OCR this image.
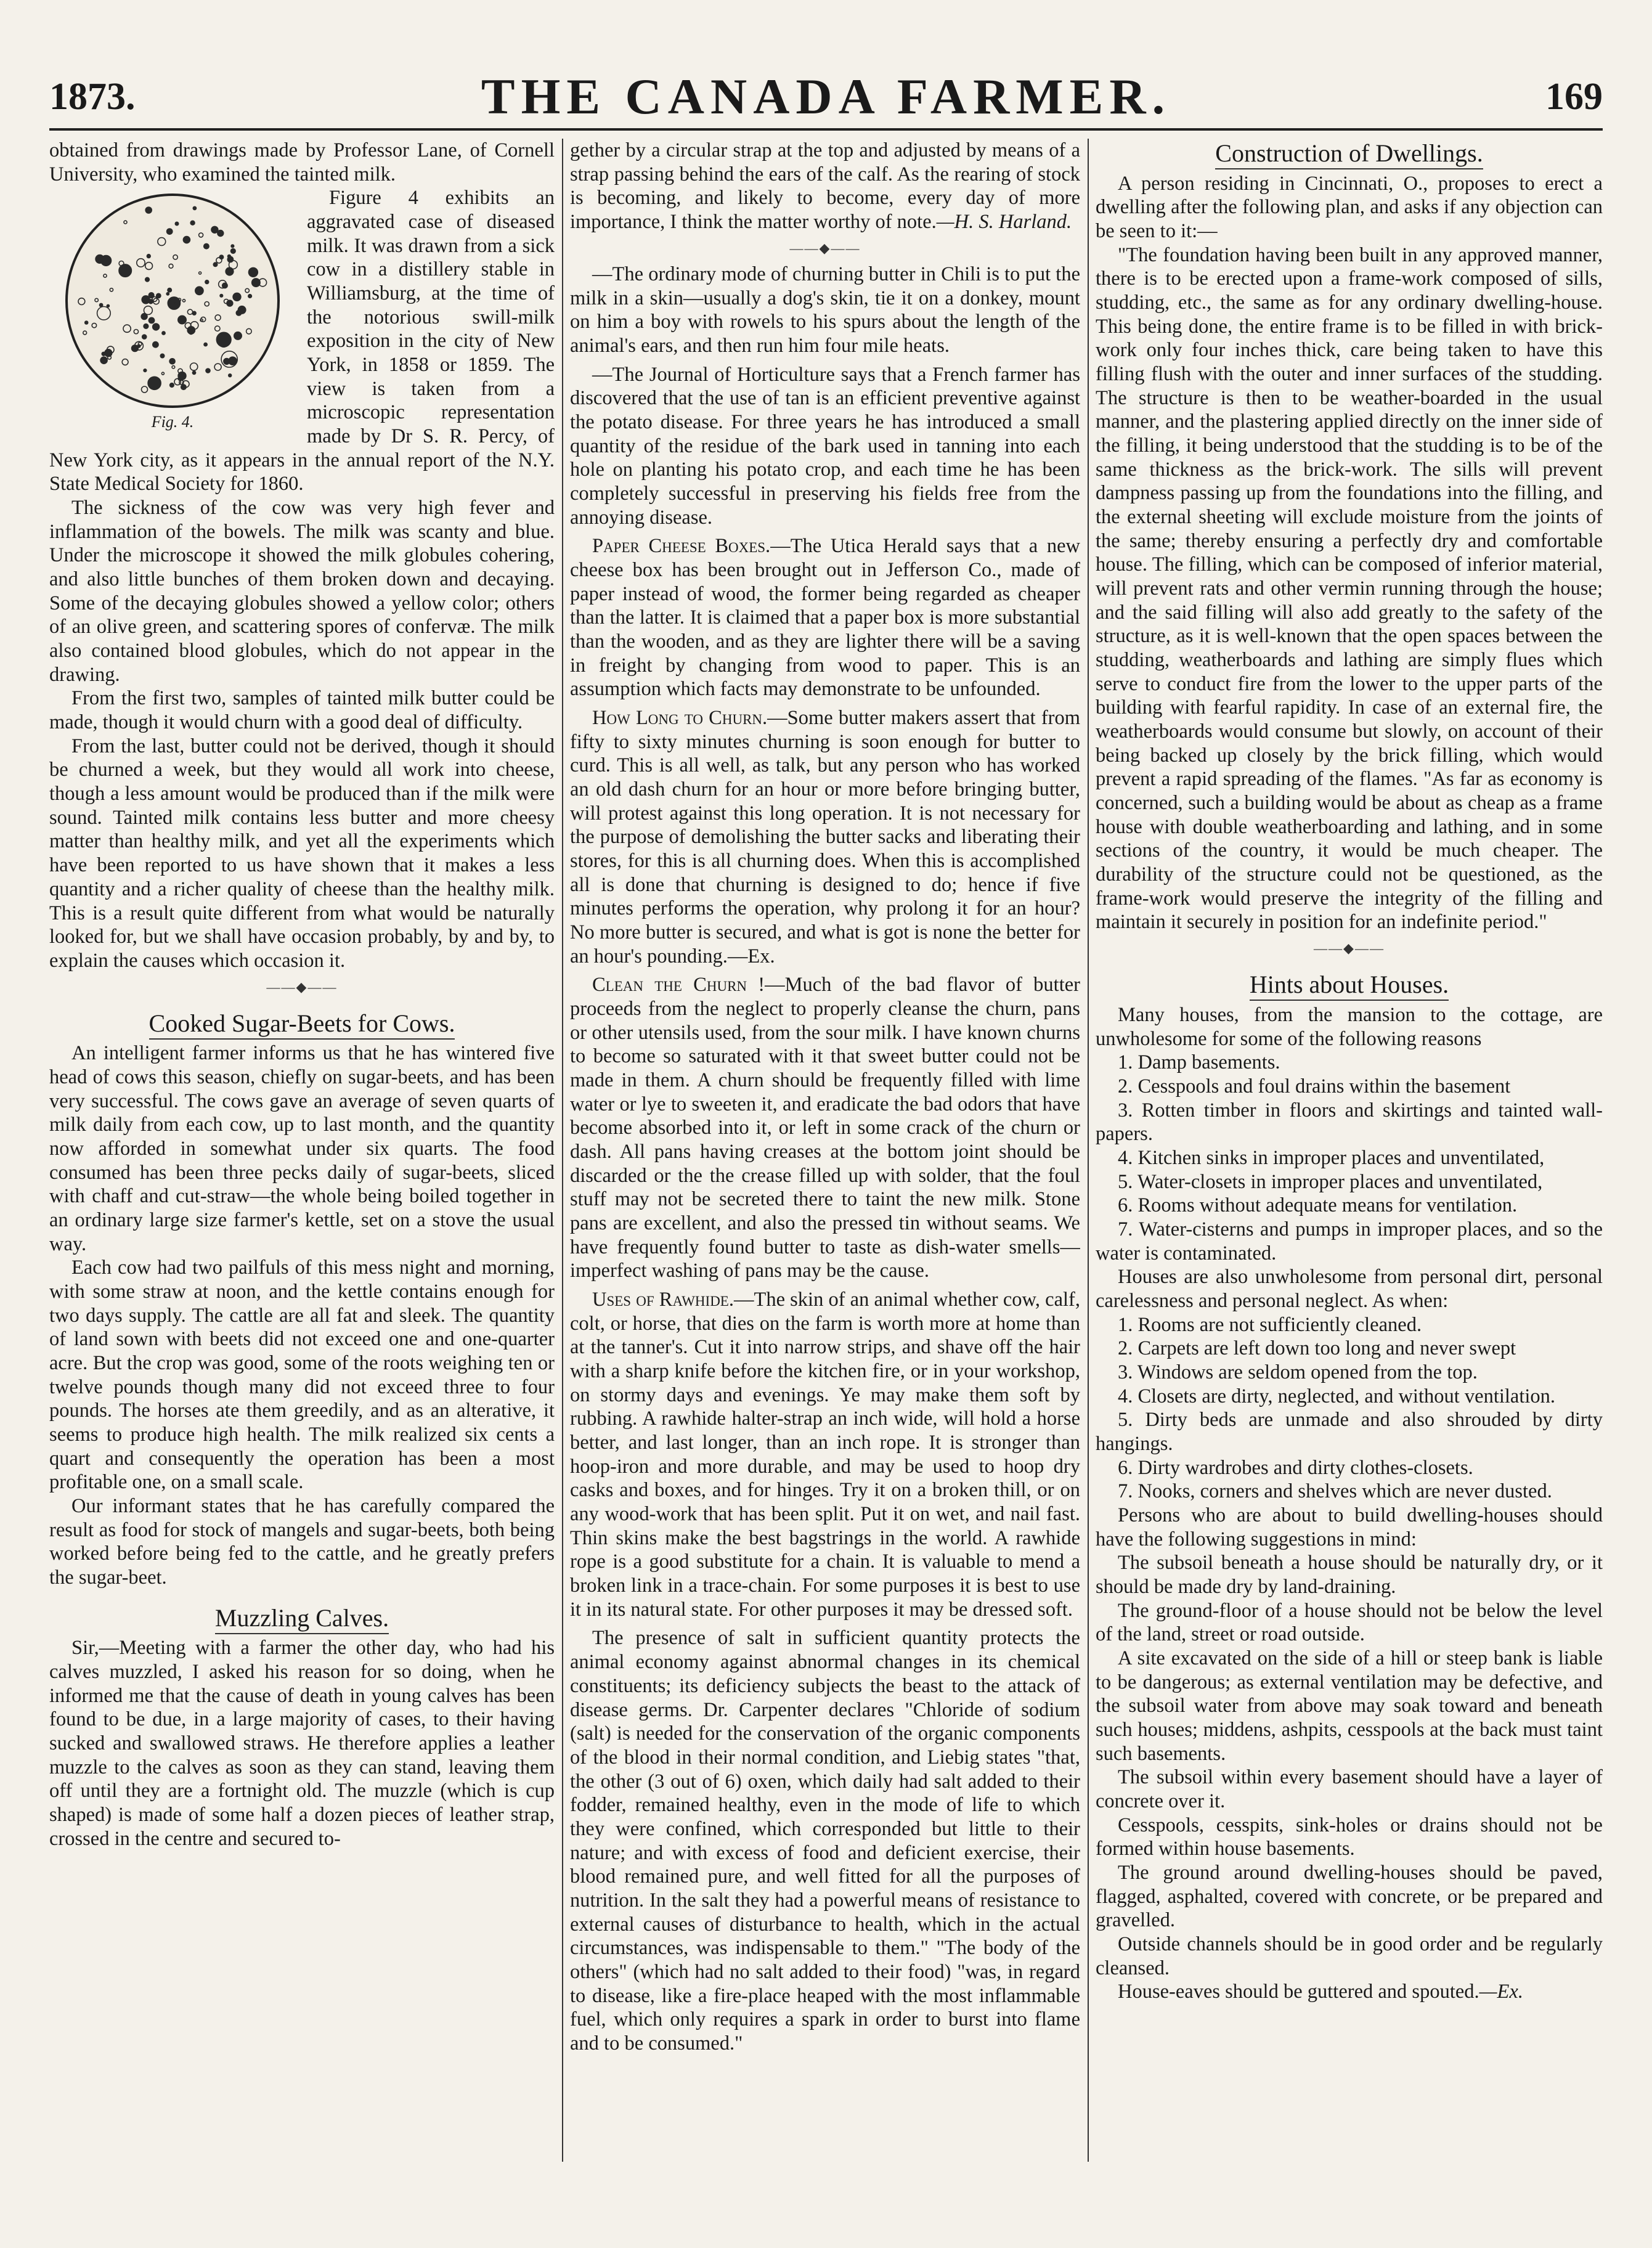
1873.	THE CANADA FARMER.	169

obtained from drawings made by Professor Lane, of Cornell University, who examined the tainted milk.

Fig. 4.

Figure 4 exhibits an aggravated case of diseased milk. It was drawn from a sick cow in a distillery stable in Williamsburg, at the time of the notorious swill-milk exposition in the city of New York, in 1858 or 1859. The view is taken from a microscopic representation made by Dr S. R. Percy, of New York city, as it appears in the annual report of the N.Y. State Medical Society for 1860.

The sickness of the cow was very high fever and inflammation of the bowels. The milk was scanty and blue. Under the microscope it showed the milk globules cohering, and also little bunches of them broken down and decaying. Some of the decaying globules showed a yellow color; others of an olive green, and scattering spores of confervæ. The milk also contained blood globules, which do not appear in the drawing.

From the first two, samples of tainted milk butter could be made, though it would churn with a good deal of difficulty.

From the last, butter could not be derived, though it should be churned a week, but they would all work into cheese, though a less amount would be produced than if the milk were sound. Tainted milk contains less butter and more cheesy matter than healthy milk, and yet all the experiments which have been reported to us have shown that it makes a less quantity and a richer quality of cheese than the healthy milk. This is a result quite different from what would be naturally looked for, but we shall have occasion probably, by and by, to explain the causes which occasion it.

——◆——
Cooked Sugar-Beets for Cows.

An intelligent farmer informs us that he has wintered five head of cows this season, chiefly on sugar-beets, and has been very successful. The cows gave an average of seven quarts of milk daily from each cow, up to last month, and the quantity now afforded in somewhat under six quarts. The food consumed has been three pecks daily of sugar-beets, sliced with chaff and cut-straw—the whole being boiled together in an ordinary large size farmer's kettle, set on a stove the usual way.

Each cow had two pailfuls of this mess night and morning, with some straw at noon, and the kettle contains enough for two days supply. The cattle are all fat and sleek. The quantity of land sown with beets did not exceed one and one-quarter acre. But the crop was good, some of the roots weighing ten or twelve pounds though many did not exceed three to four pounds. The horses ate them greedily, and as an alterative, it seems to produce high health. The milk realized six cents a quart and consequently the operation has been a most profitable one, on a small scale.

Our informant states that he has carefully compared the result as food for stock of mangels and sugar-beets, both being worked before being fed to the cattle, and he greatly prefers the sugar-beet.

Muzzling Calves.

Sir,—Meeting with a farmer the other day, who had his calves muzzled, I asked his reason for so doing, when he informed me that the cause of death in young calves has been found to be due, in a large majority of cases, to their having sucked and swallowed straws. He therefore applies a leather muzzle to the calves as soon as they can stand, leaving them off until they are a fortnight old. The muzzle (which is cup shaped) is made of some half a dozen pieces of leather strap, crossed in the centre and secured to-

gether by a circular strap at the top and adjusted by means of a strap passing behind the ears of the calf. As the rearing of stock is becoming, and likely to become, every day of more importance, I think the matter worthy of note.—H. S. Harland.

——◆——

—The ordinary mode of churning butter in Chili is to put the milk in a skin—usually a dog's skin, tie it on a donkey, mount on him a boy with rowels to his spurs about the length of the animal's ears, and then run him four mile heats.

—The Journal of Horticulture says that a French farmer has discovered that the use of tan is an efficient preventive against the potato disease. For three years he has introduced a small quantity of the residue of the bark used in tanning into each hole on planting his potato crop, and each time he has been completely successful in preserving his fields free from the annoying disease.

Paper Cheese Boxes.—The Utica Herald says that a new cheese box has been brought out in Jefferson Co., made of paper instead of wood, the former being regarded as cheaper than the latter. It is claimed that a paper box is more substantial than the wooden, and as they are lighter there will be a saving in freight by changing from wood to paper. This is an assumption which facts may demonstrate to be unfounded.

How Long to Churn.—Some butter makers assert that from fifty to sixty minutes churning is soon enough for butter to curd. This is all well, as talk, but any person who has worked an old dash churn for an hour or more before bringing butter, will protest against this long operation. It is not necessary for the purpose of demolishing the butter sacks and liberating their stores, for this is all churning does. When this is accomplished all is done that churning is designed to do; hence if five minutes performs the operation, why prolong it for an hour? No more butter is secured, and what is got is none the better for an hour's pounding.—Ex.

Clean the Churn !—Much of the bad flavor of butter proceeds from the neglect to properly cleanse the churn, pans or other utensils used, from the sour milk. I have known churns to become so saturated with it that sweet butter could not be made in them. A churn should be frequently filled with lime water or lye to sweeten it, and eradicate the bad odors that have become absorbed into it, or left in some crack of the churn or dash. All pans having creases at the bottom joint should be discarded or the the crease filled up with solder, that the foul stuff may not be secreted there to taint the new milk. Stone pans are excellent, and also the pressed tin without seams. We have frequently found butter to taste as dish-water smells—imperfect washing of pans may be the cause.

Uses of Rawhide.—The skin of an animal whether cow, calf, colt, or horse, that dies on the farm is worth more at home than at the tanner's. Cut it into narrow strips, and shave off the hair with a sharp knife before the kitchen fire, or in your workshop, on stormy days and evenings. Ye may make them soft by rubbing. A rawhide halter-strap an inch wide, will hold a horse better, and last longer, than an inch rope. It is stronger than hoop-iron and more durable, and may be used to hoop dry casks and boxes, and for hinges. Try it on a broken thill, or on any wood-work that has been split. Put it on wet, and nail fast. Thin skins make the best bagstrings in the world. A rawhide rope is a good substitute for a chain. It is valuable to mend a broken link in a trace-chain. For some purposes it is best to use it in its natural state. For other purposes it may be dressed soft.

The presence of salt in sufficient quantity protects the animal economy against abnormal changes in its chemical constituents; its deficiency subjects the beast to the attack of disease germs. Dr. Carpenter declares "Chloride of sodium (salt) is needed for the conservation of the organic components of the blood in their normal condition, and Liebig states "that, the other (3 out of 6) oxen, which daily had salt added to their fodder, remained healthy, even in the mode of life to which they were confined, which corresponded but little to their nature; and with excess of food and deficient exercise, their blood remained pure, and well fitted for all the purposes of nutrition. In the salt they had a powerful means of resistance to external causes of disturbance to health, which in the actual circumstances, was indispensable to them." "The body of the others" (which had no salt added to their food) "was, in regard to disease, like a fire-place heaped with the most inflammable fuel, which only requires a spark in order to burst into flame and to be consumed."

Construction of Dwellings.

A person residing in Cincinnati, O., proposes to erect a dwelling after the following plan, and asks if any objection can be seen to it:—

"The foundation having been built in any approved manner, there is to be erected upon a frame-work composed of sills, studding, etc., the same as for any ordinary dwelling-house. This being done, the entire frame is to be filled in with brick-work only four inches thick, care being taken to have this filling flush with the outer and inner surfaces of the studding. The structure is then to be weather-boarded in the usual manner, and the plastering applied directly on the inner side of the filling, it being understood that the studding is to be of the same thickness as the brick-work. The sills will prevent dampness passing up from the foundations into the filling, and the external sheeting will exclude moisture from the joints of the same; thereby ensuring a perfectly dry and comfortable house. The filling, which can be composed of inferior material, will prevent rats and other vermin running through the house; and the said filling will also add greatly to the safety of the structure, as it is well-known that the open spaces between the studding, weatherboards and lathing are simply flues which serve to conduct fire from the lower to the upper parts of the building with fearful rapidity. In case of an external fire, the weatherboards would consume but slowly, on account of their being backed up closely by the brick filling, which would prevent a rapid spreading of the flames. "As far as economy is concerned, such a building would be about as cheap as a frame house with double weatherboarding and lathing, and in some sections of the country, it would be much cheaper. The durability of the structure could not be questioned, as the frame-work would preserve the integrity of the filling and maintain it securely in position for an indefinite period."

——◆——
Hints about Houses.

Many houses, from the mansion to the cottage, are unwholesome for some of the following reasons

1. Damp basements.

2. Cesspools and foul drains within the basement

3. Rotten timber in floors and skirtings and tainted wall-papers.

4. Kitchen sinks in improper places and unventilated,

5. Water-closets in improper places and unventilated,

6. Rooms without adequate means for ventilation.

7. Water-cisterns and pumps in improper places, and so the water is contaminated.

Houses are also unwholesome from personal dirt, personal carelessness and personal neglect. As when:

1. Rooms are not sufficiently cleaned.

2. Carpets are left down too long and never swept

3. Windows are seldom opened from the top.

4. Closets are dirty, neglected, and without ventilation.

5. Dirty beds are unmade and also shrouded by dirty hangings.

6. Dirty wardrobes and dirty clothes-closets.

7. Nooks, corners and shelves which are never dusted.

Persons who are about to build dwelling-houses should have the following suggestions in mind:

The subsoil beneath a house should be naturally dry, or it should be made dry by land-draining.

The ground-floor of a house should not be below the level of the land, street or road outside.

A site excavated on the side of a hill or steep bank is liable to be dangerous; as external ventilation may be defective, and the subsoil water from above may soak toward and beneath such houses; middens, ashpits, cesspools at the back must taint such basements.

The subsoil within every basement should have a layer of concrete over it.

Cesspools, cesspits, sink-holes or drains should not be formed within house basements.

The ground around dwelling-houses should be paved, flagged, asphalted, covered with concrete, or be prepared and gravelled.

Outside channels should be in good order and be regularly cleansed.

House-eaves should be guttered and spouted.—Ex.
